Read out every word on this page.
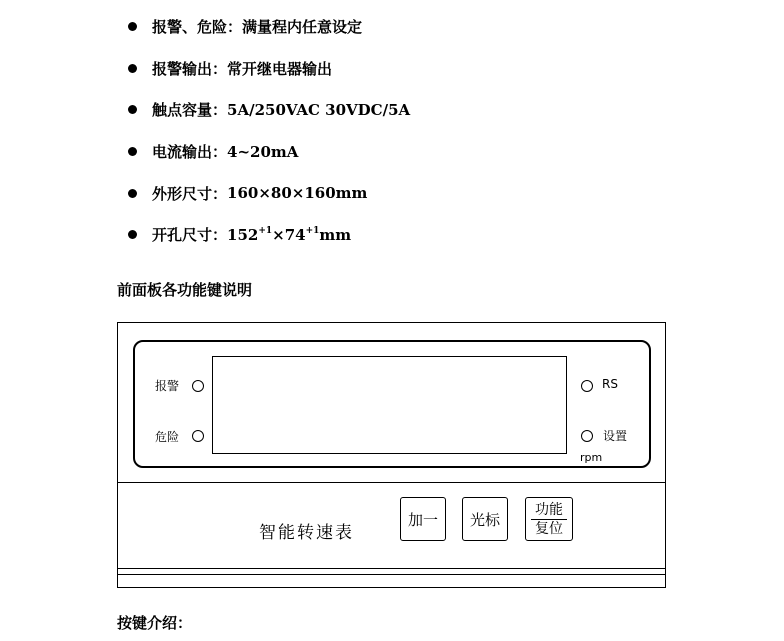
报警、危险： 满量程内任意设定
报警输出： 常开继电器输出
触点容量： 5A/250VAC 30VDC/5A
电流输出： 4~20mA
外形尺寸： 160×80×160mm
开孔尺寸： $152^{+1}\times 74^{+1}mm$
前面板各功能键说明
报警
危险
RS
设置
rpm
智能转速表
加一	光标
功能
复位
按键介绍：
